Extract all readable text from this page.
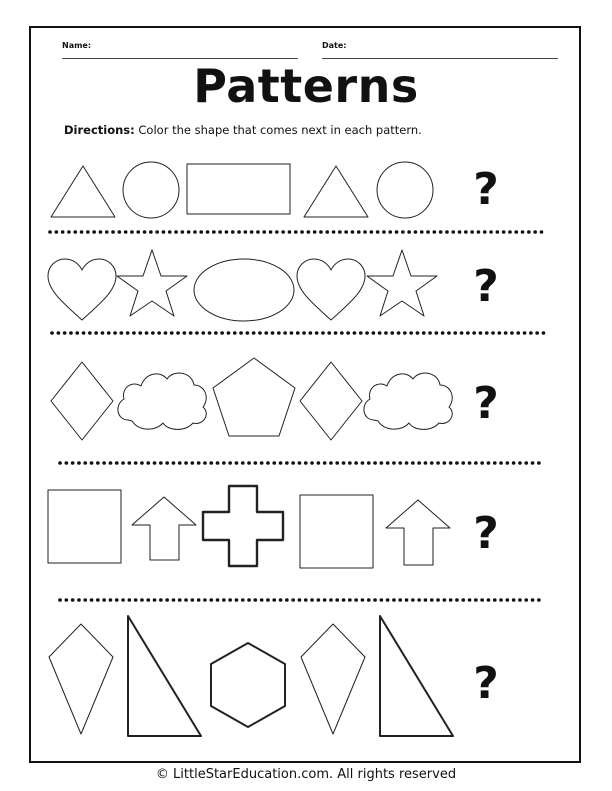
Name:	Date:
Patterns
Directions: Color the shape that comes next in each pattern.
?
?
?
?
?
© LittleStarEducation.com. All rights reserved
